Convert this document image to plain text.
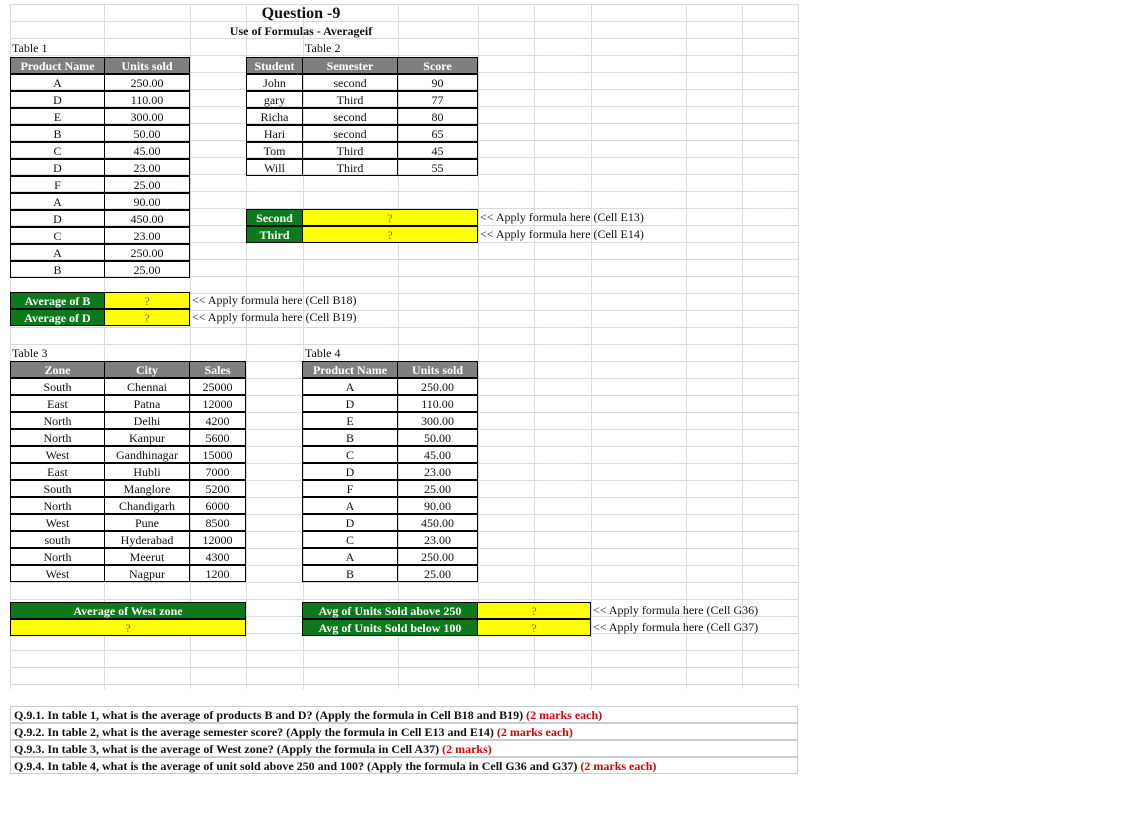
Question -9
Use of Formulas - Averageif
Table 1
Product Name	Units sold
A	250.00
D	110.00
E	300.00
B	50.00
C	45.00
D	23.00
F	25.00
A	90.00
D	450.00
C	23.00
A	250.00
B	25.00
Average of B	?	<< Apply formula here (Cell B18)
Average of D	?	<< Apply formula here (Cell B19)
Table 2
Student	Semester	Score
John	second	90
gary	Third	77
Richa	second	80
Hari	second	65
Tom	Third	45
Will	Third	55
Second	?	<< Apply formula here (Cell E13)
Third	?	<< Apply formula here (Cell E14)
Table 3
Zone	City	Sales
South	Chennai	25000
East	Patna	12000
North	Delhi	4200
North	Kanpur	5600
West	Gandhinagar	15000
East	Hubli	7000
South	Manglore	5200
North	Chandigarh	6000
West	Pune	8500
south	Hyderabad	12000
North	Meerut	4300
West	Nagpur	1200
Average of West zone
?
Table 4
Product Name	Units sold
A	250.00
D	110.00
E	300.00
B	50.00
C	45.00
D	23.00
F	25.00
A	90.00
D	450.00
C	23.00
A	250.00
B	25.00
Avg of Units Sold above 250	?	<< Apply formula here (Cell G36)
Avg of Units Sold below 100	?	<< Apply formula here (Cell G37)
Q.9.1. In table 1, what is the average of products B and D? (Apply the formula in Cell B18 and B19) (2 marks each)
Q.9.2. In table 2, what is the average semester score? (Apply the formula in Cell E13 and E14) (2 marks each)
Q.9.3. In table 3, what is the average of West zone? (Apply the formula in Cell A37) (2 marks)
Q.9.4. In table 4, what is the average of unit sold above 250 and 100? (Apply the formula in Cell G36 and G37) (2 marks each)
